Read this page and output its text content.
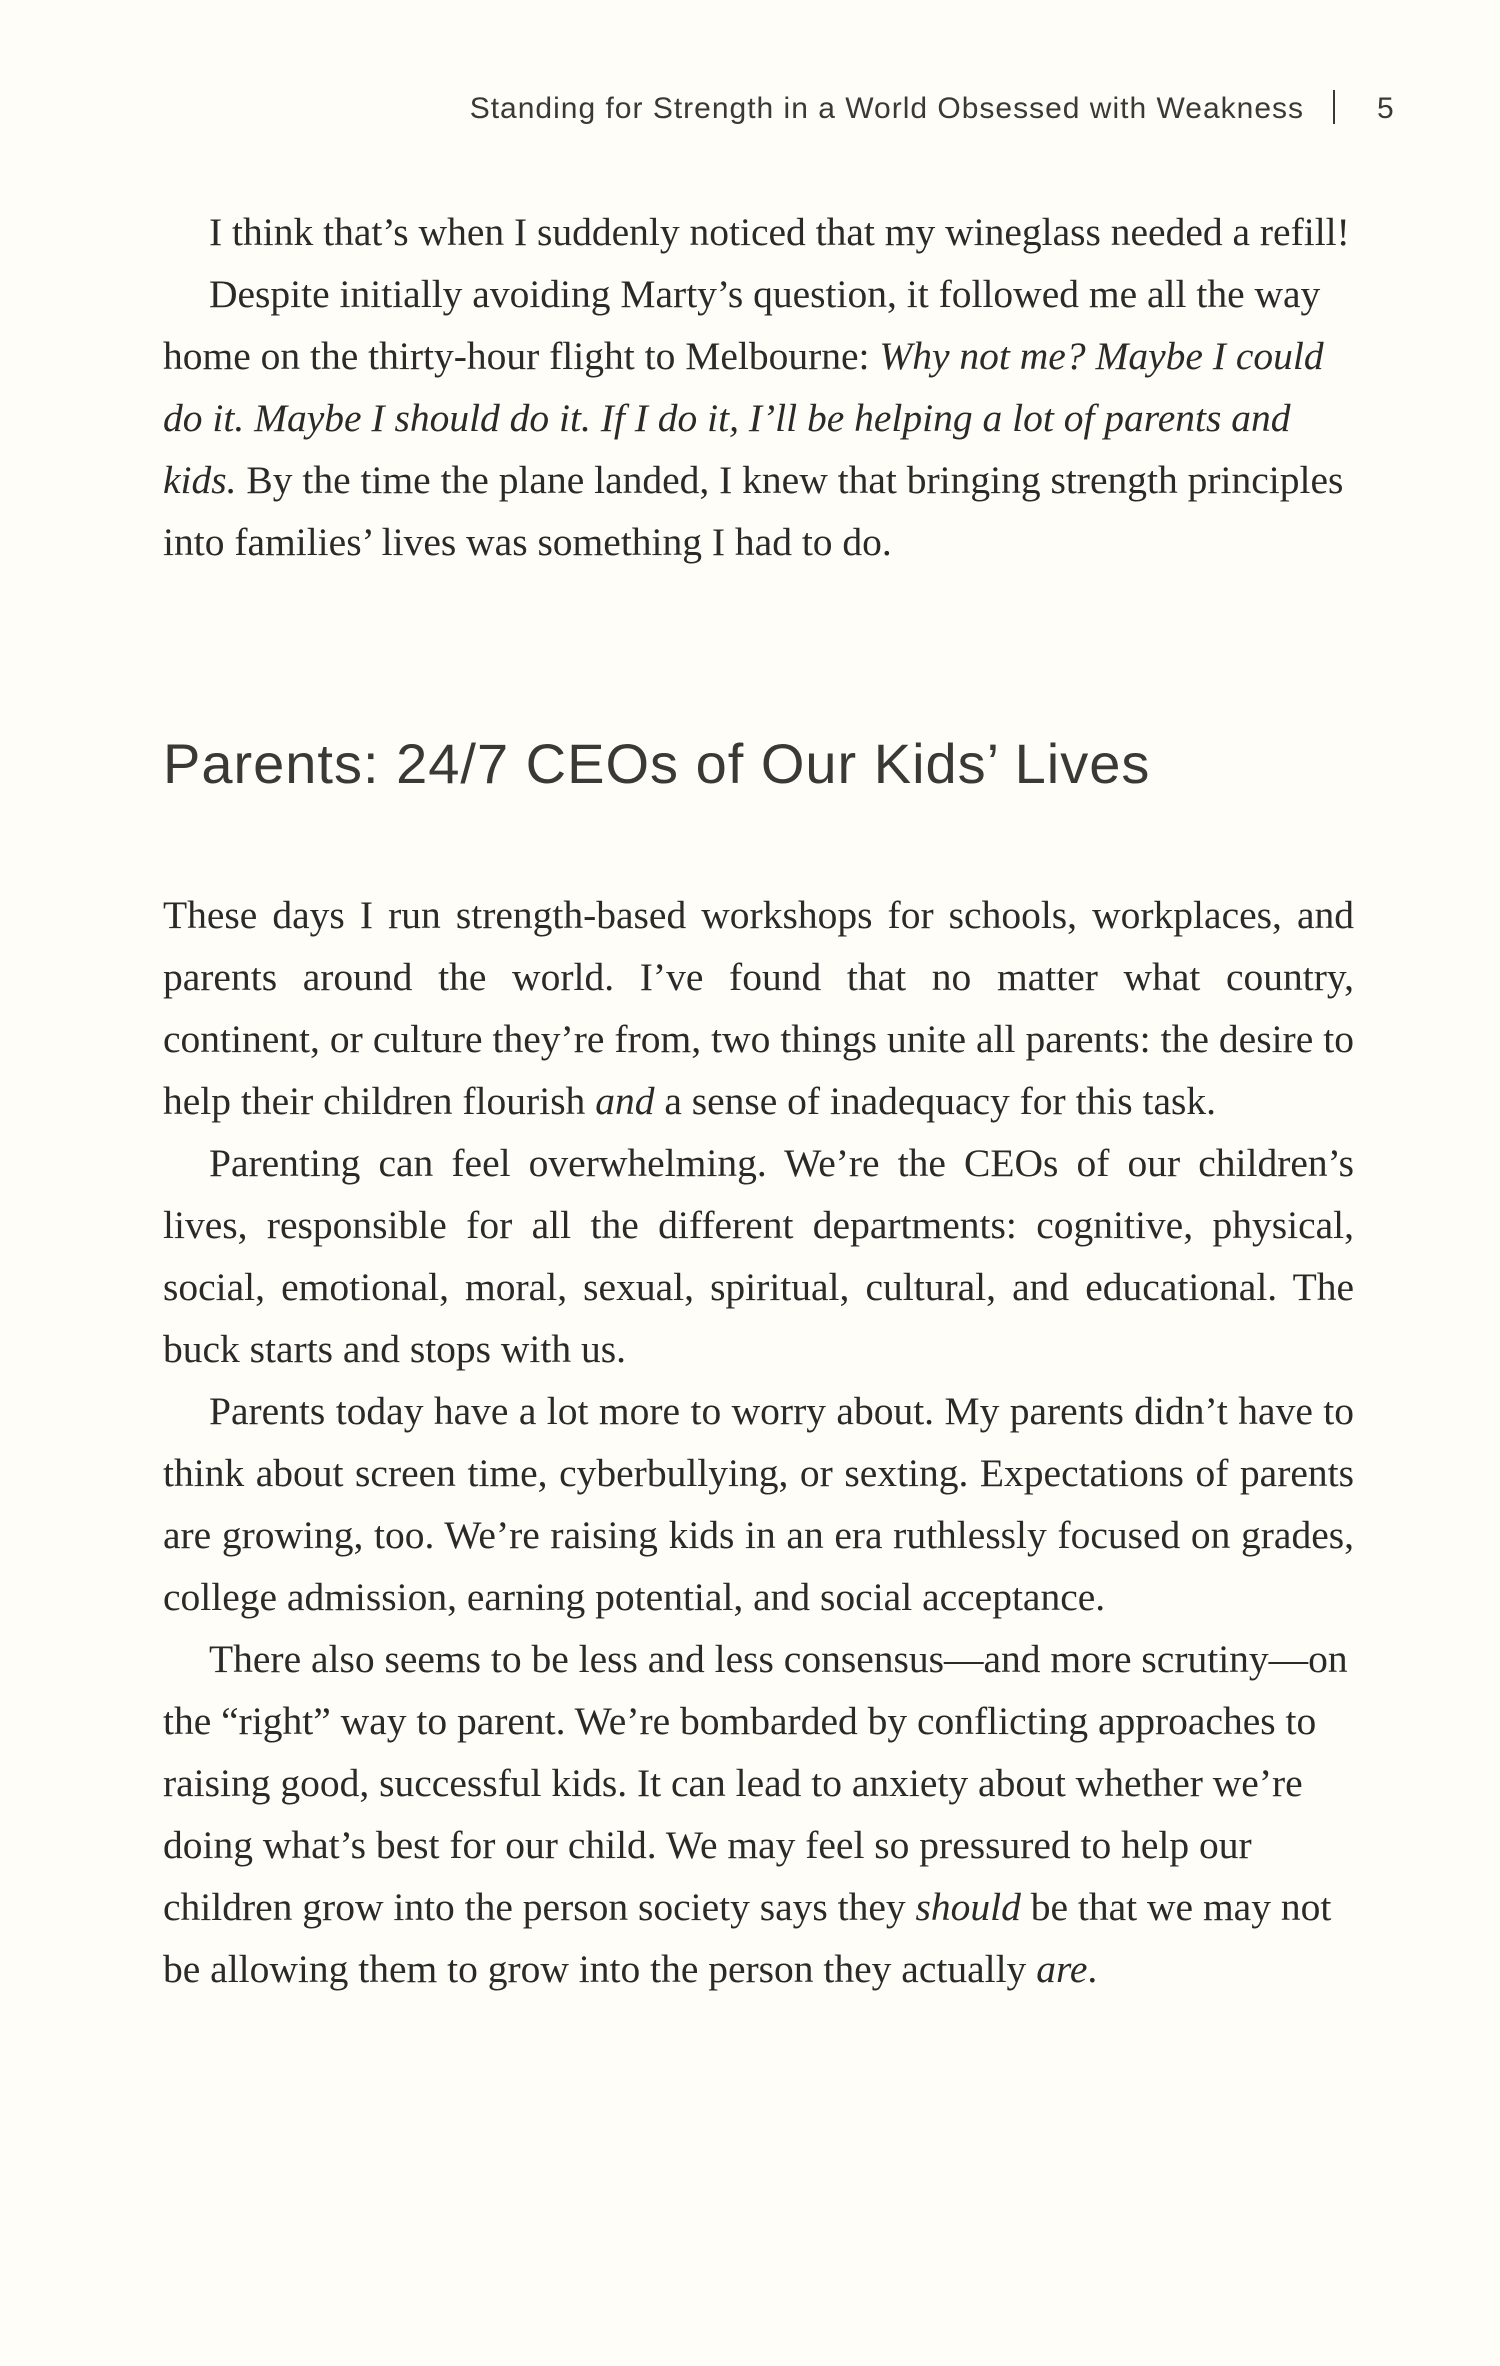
Standing for Strength in a World Obsessed with Weakness 5

I think that’s when I suddenly noticed that my wineglass needed a refill!

Despite initially avoiding Marty’s question, it followed me all the way home on the thirty-hour flight to Melbourne: Why not me? Maybe I could do it. Maybe I should do it. If I do it, I’ll be helping a lot of parents and kids. By the time the plane landed, I knew that bringing strength principles into families’ lives was something I had to do.

Parents: 24/7 CEOs of Our Kids’ Lives

These days I run strength-based workshops for schools, workplaces, and parents around the world. I’ve found that no matter what country, continent, or culture they’re from, two things unite all parents: the desire to help their children flourish and a sense of inadequacy for this task.

Parenting can feel overwhelming. We’re the CEOs of our children’s lives, responsible for all the different departments: cognitive, physical, social, emotional, moral, sexual, spiritual, cultural, and educational. The buck starts and stops with us.

Parents today have a lot more to worry about. My parents didn’t have to think about screen time, cyberbullying, or sexting. Expectations of parents are growing, too. We’re raising kids in an era ruthlessly focused on grades, college admission, earning potential, and social acceptance.

There also seems to be less and less consensus—and more scrutiny—on the “right” way to parent. We’re bombarded by conflicting approaches to raising good, successful kids. It can lead to anxiety about whether we’re doing what’s best for our child. We may feel so pressured to help our children grow into the person society says they should be that we may not be allowing them to grow into the person they actually are.
